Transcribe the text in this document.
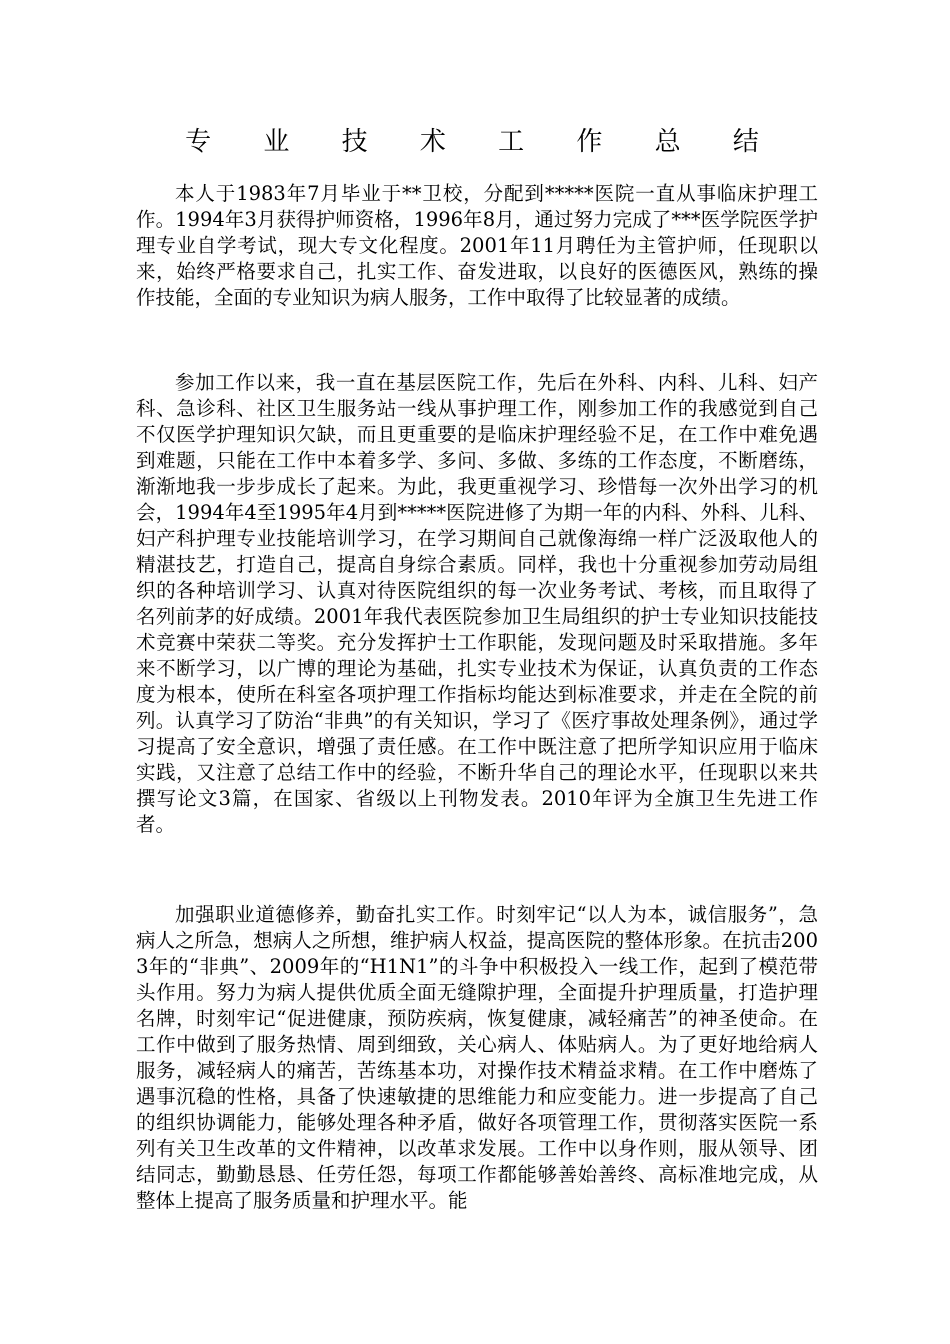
专 业 技 术 工 作 总 结

本人于1983年7月毕业于**卫校，分配到*****医院一直从事临床护理工作。1994年3月获得护师资格，1996年8月，通过努力完成了***医学院医学护理专业自学考试，现大专文化程度。2001年11月聘任为主管护师，任现职以来，始终严格要求自己，扎实工作、奋发进取，以良好的医德医风，熟练的操作技能，全面的专业知识为病人服务，工作中取得了比较显著的成绩。

参加工作以来，我一直在基层医院工作，先后在外科、内科、儿科、妇产科、急诊科、社区卫生服务站一线从事护理工作，刚参加工作的我感觉到自己不仅医学护理知识欠缺，而且更重要的是临床护理经验不足，在工作中难免遇到难题，只能在工作中本着多学、多问、多做、多练的工作态度，不断磨练，渐渐地我一步步成长了起来。为此，我更重视学习、珍惜每一次外出学习的机会，1994年4至1995年4月到*****医院进修了为期一年的内科、外科、儿科、妇产科护理专业技能培训学习，在学习期间自己就像海绵一样广泛汲取他人的精湛技艺，打造自己，提高自身综合素质。同样，我也十分重视参加劳动局组织的各种培训学习、认真对待医院组织的每一次业务考试、考核，而且取得了名列前茅的好成绩。2001年我代表医院参加卫生局组织的护士专业知识技能技术竞赛中荣获二等奖。充分发挥护士工作职能，发现问题及时采取措施。多年来不断学习，以广博的理论为基础，扎实专业技术为保证，认真负责的工作态度为根本，使所在科室各项护理工作指标均能达到标准要求，并走在全院的前列。认真学习了防治“非典”的有关知识，学习了《医疗事故处理条例》，通过学习提高了安全意识，增强了责任感。在工作中既注意了把所学知识应用于临床实践，又注意了总结工作中的经验，不断升华自己的理论水平，任现职以来共撰写论文3篇，在国家、省级以上刊物发表。2010年评为全旗卫生先进工作者。

加强职业道德修养，勤奋扎实工作。时刻牢记“以人为本，诚信服务”，急病人之所急，想病人之所想，维护病人权益，提高医院的整体形象。在抗击2003年的“非典”、2009年的“H1N1”的斗争中积极投入一线工作，起到了模范带头作用。努力为病人提供优质全面无缝隙护理，全面提升护理质量，打造护理名牌，时刻牢记“促进健康，预防疾病，恢复健康，减轻痛苦”的神圣使命。在工作中做到了服务热情、周到细致，关心病人、体贴病人。为了更好地给病人服务，减轻病人的痛苦，苦练基本功，对操作技术精益求精。在工作中磨炼了遇事沉稳的性格，具备了快速敏捷的思维能力和应变能力。进一步提高了自己的组织协调能力，能够处理各种矛盾，做好各项管理工作，贯彻落实医院一系列有关卫生改革的文件精神，以改革求发展。工作中以身作则，服从领导、团结同志，勤勤恳恳、任劳任怨，每项工作都能够善始善终、高标准地完成，从整体上提高了服务质量和护理水平。能
